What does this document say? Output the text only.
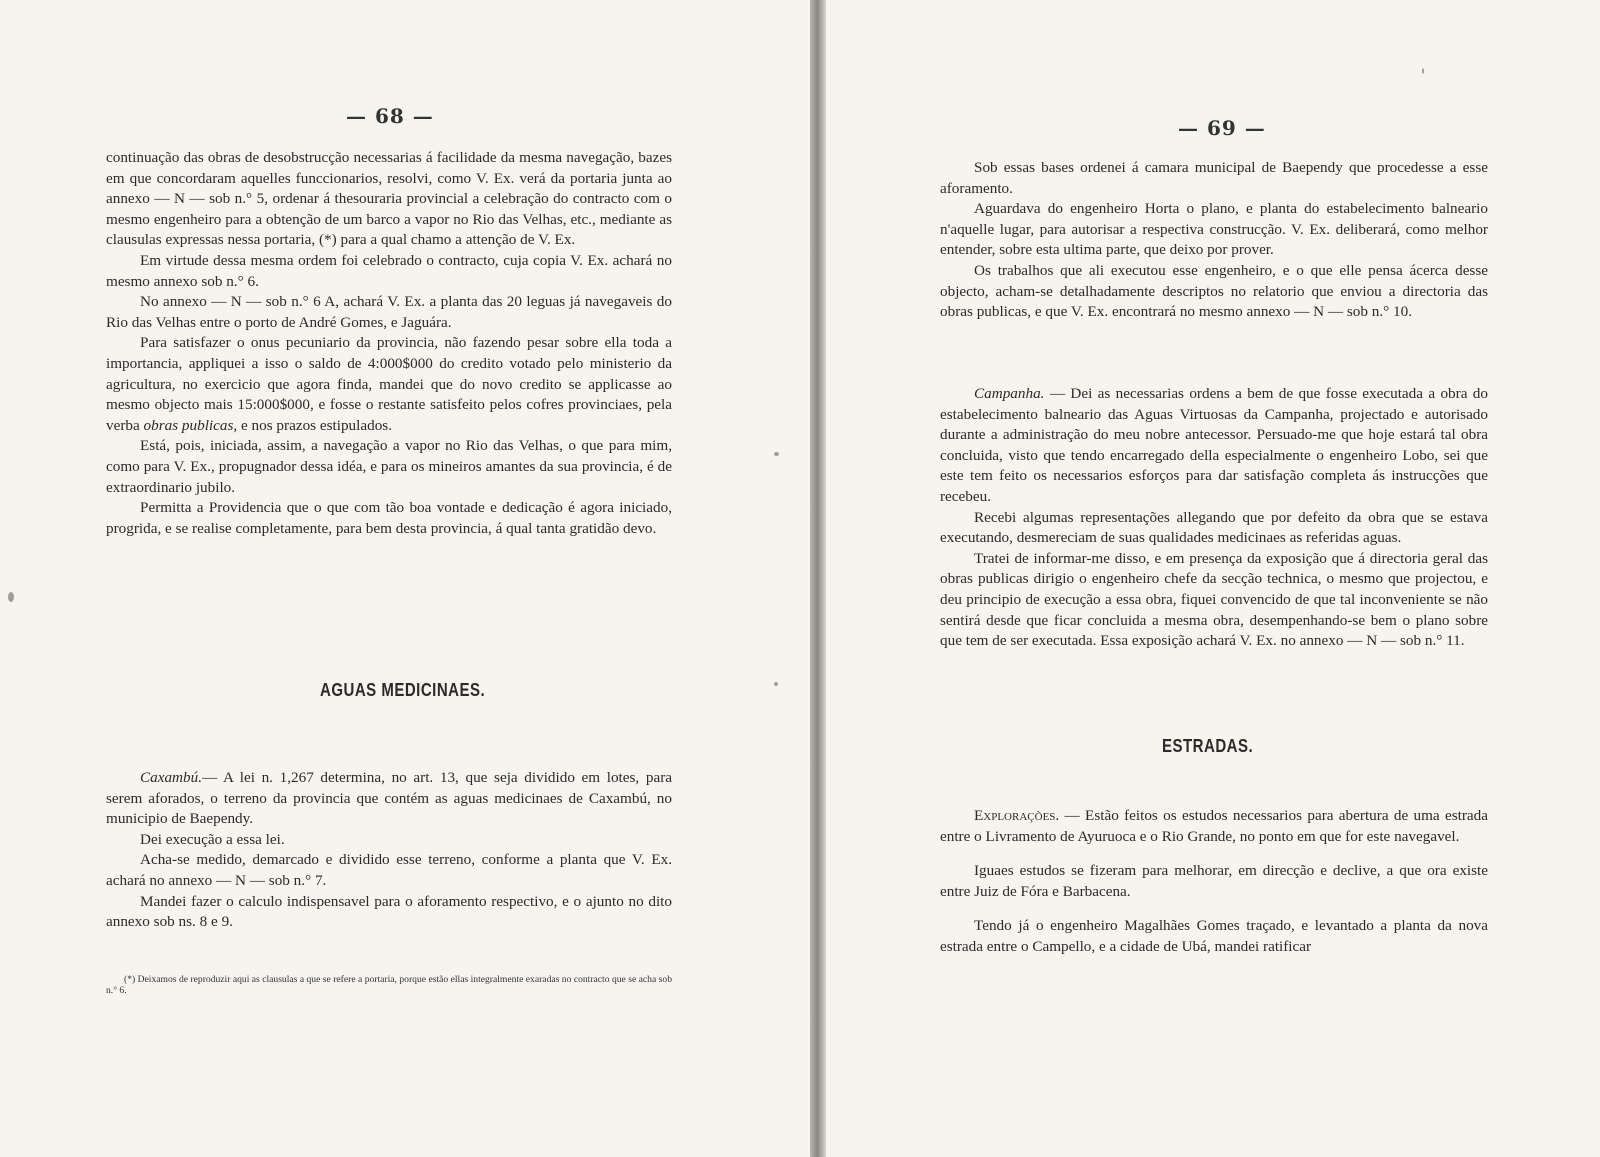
— 68 —

continuação das obras de desobstrucção necessarias á facilidade da mesma navegação, bazes em que concordaram aquelles funccionarios, resolvi, como V. Ex. verá da portaria junta ao annexo — N — sob n.° 5, ordenar á thesouraria provincial a celebração do contracto com o mesmo engenheiro para a obtenção de um barco a vapor no Rio das Velhas, etc., mediante as clausulas expressas nessa portaria, (*) para a qual chamo a attenção de V. Ex.

Em virtude dessa mesma ordem foi celebrado o contracto, cuja copia V. Ex. achará no mesmo annexo sob n.° 6.

No annexo — N — sob n.° 6 A, achará V. Ex. a planta das 20 leguas já navegaveis do Rio das Velhas entre o porto de André Gomes, e Jaguára.

Para satisfazer o onus pecuniario da provincia, não fazendo pesar sobre ella toda a importancia, appliquei a isso o saldo de 4:000$000 do credito votado pelo ministerio da agricultura, no exercicio que agora finda, mandei que do novo credito se applicasse ao mesmo objecto mais 15:000$000, e fosse o restante satisfeito pelos cofres provinciaes, pela verba obras publicas, e nos prazos estipulados.

Está, pois, iniciada, assim, a navegação a vapor no Rio das Velhas, o que para mim, como para V. Ex., propugnador dessa idéa, e para os mineiros amantes da sua provincia, é de extraordinario jubilo.

Permitta a Providencia que o que com tão boa vontade e dedicação é agora iniciado, progrida, e se realise completamente, para bem desta provincia, á qual tanta gratidão devo.

AGUAS MEDICINAES.

Caxambú.— A lei n. 1,267 determina, no art. 13, que seja dividido em lotes, para serem aforados, o terreno da provincia que contém as aguas medicinaes de Caxambú, no municipio de Baependy.

Dei execução a essa lei.

Acha-se medido, demarcado e dividido esse terreno, conforme a planta que V. Ex. achará no annexo — N — sob n.° 7.

Mandei fazer o calculo indispensavel para o aforamento respectivo, e o ajunto no dito annexo sob ns. 8 e 9.

(*) Deixamos de reproduzir aqui as clausulas a que se refere a portaria, porque estão ellas integralmente exaradas no contracto que se acha sob n.° 6.

— 69 —

Sob essas bases ordenei á camara municipal de Baependy que procedesse a esse aforamento.

Aguardava do engenheiro Horta o plano, e planta do estabelecimento balneario n'aquelle lugar, para autorisar a respectiva construcção. V. Ex. deliberará, como melhor entender, sobre esta ultima parte, que deixo por prover.

Os trabalhos que ali executou esse engenheiro, e o que elle pensa ácerca desse objecto, acham-se detalhadamente descriptos no relatorio que enviou a directoria das obras publicas, e que V. Ex. encontrará no mesmo annexo — N — sob n.° 10.

Campanha. — Dei as necessarias ordens a bem de que fosse executada a obra do estabelecimento balneario das Aguas Virtuosas da Campanha, projectado e autorisado durante a administração do meu nobre antecessor. Persuado-me que hoje estará tal obra concluida, visto que tendo encarregado della especialmente o engenheiro Lobo, sei que este tem feito os necessarios esforços para dar satisfação completa ás instrucções que recebeu.

Recebi algumas representações allegando que por defeito da obra que se estava executando, desmereciam de suas qualidades medicinaes as referidas aguas.

Tratei de informar-me disso, e em presença da exposição que á directoria geral das obras publicas dirigio o engenheiro chefe da secção technica, o mesmo que projectou, e deu principio de execução a essa obra, fiquei convencido de que tal inconveniente se não sentirá desde que ficar concluida a mesma obra, desempenhando-se bem o plano sobre que tem de ser executada. Essa exposição achará V. Ex. no annexo — N — sob n.° 11.

ESTRADAS.

Explorações. — Estão feitos os estudos necessarios para abertura de uma estrada entre o Livramento de Ayuruoca e o Rio Grande, no ponto em que for este navegavel.

Iguaes estudos se fizeram para melhorar, em direcção e declive, a que ora existe entre Juiz de Fóra e Barbacena.

Tendo já o engenheiro Magalhães Gomes traçado, e levantado a planta da nova estrada entre o Campello, e a cidade de Ubá, mandei ratificar
